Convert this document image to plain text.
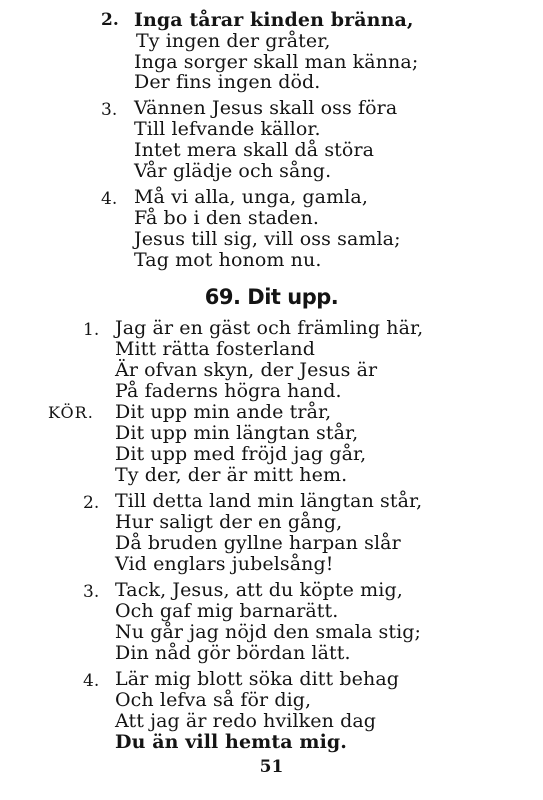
2. Inga tårar kinden bränna,
Ty ingen der gråter,
Inga sorger skall man känna;
Der fins ingen död.
3. Vännen Jesus skall oss föra
Till lefvande källor.
Intet mera skall då störa
Vår glädje och sång.
4. Må vi alla, unga, gamla,
Få bo i den staden.
Jesus till sig, vill oss samla;
Tag mot honom nu.
69. Dit upp.
1. Jag är en gäst och främling här,
Mitt rätta fosterland
Är ofvan skyn, der Jesus är
På faderns högra hand.
KÖR. Dit upp min ande trår,
Dit upp min längtan står,
Dit upp med fröjd jag går,
Ty der, der är mitt hem.
2. Till detta land min längtan står,
Hur saligt der en gång,
Då bruden gyllne harpan slår
Vid englars jubelsång!
3. Tack, Jesus, att du köpte mig,
Och gaf mig barnarätt.
Nu går jag nöjd den smala stig;
Din nåd gör bördan lätt.
4. Lär mig blott söka ditt behag
Och lefva så för dig,
Att jag är redo hvilken dag
Du än vill hemta mig.
51
